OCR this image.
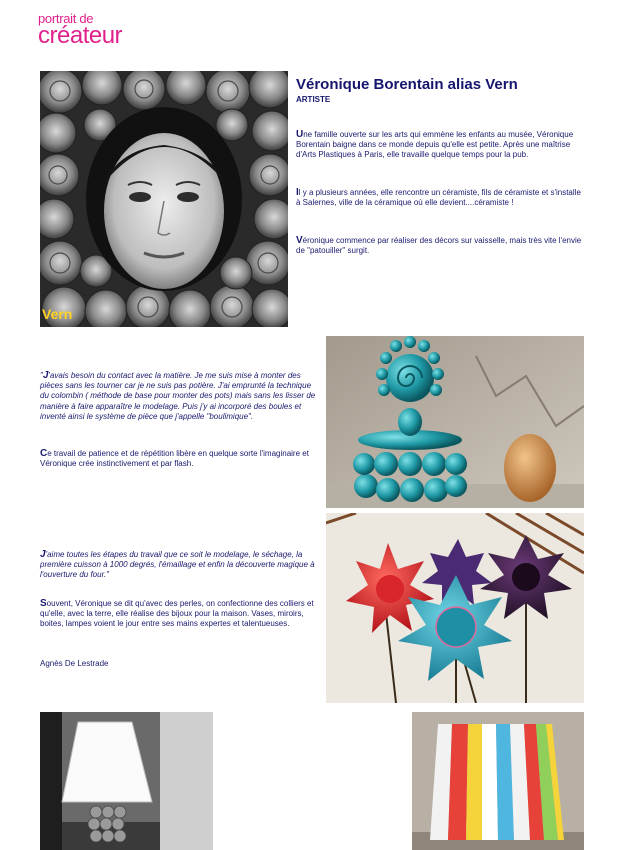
portrait de
créateur
Vern
Véronique Borentain alias Vern
ARTISTE
Une famille ouverte sur les arts qui emmène les enfants au musée, Véronique Borentain baigne dans ce monde depuis qu'elle est petite. Après une maîtrise d'Arts Plastiques à Paris, elle travaille quelque temps pour la pub.
Il y a plusieurs années, elle rencontre un céramiste, fils de céramiste et s'installe à Salernes, ville de la céramique où elle devient....céramiste !
Véronique commence par réaliser des décors sur vaisselle, mais très vite l'envie de "patouiller" surgit.
"J'avais besoin du contact avec la matière. Je me suis mise à monter des pièces sans les tourner car je ne suis pas potière. J'ai emprunté la technique du colombin ( méthode de base pour monter des pots) mais sans les lisser de manière à faire apparaître le modelage. Puis j'y ai incorporé des boules et inventé ainsi le système de pièce que j'appelle "boulimique".
Ce travail de patience et de répétition libère en quelque sorte l'imaginaire et Véronique crée instinctivement et par flash.
J'aime toutes les étapes du travail que ce soit le modelage, le séchage, la première cuisson à 1000 degrés, l'émaillage et enfin la découverte magique à l'ouverture du four."
Souvent, Véronique se dit qu'avec des perles, on confectionne des colliers et qu'elle, avec la terre, elle réalise des bijoux pour la maison. Vases, miroirs, boites, lampes voient le jour entre ses mains expertes et talentueuses.
Agnès De Lestrade
